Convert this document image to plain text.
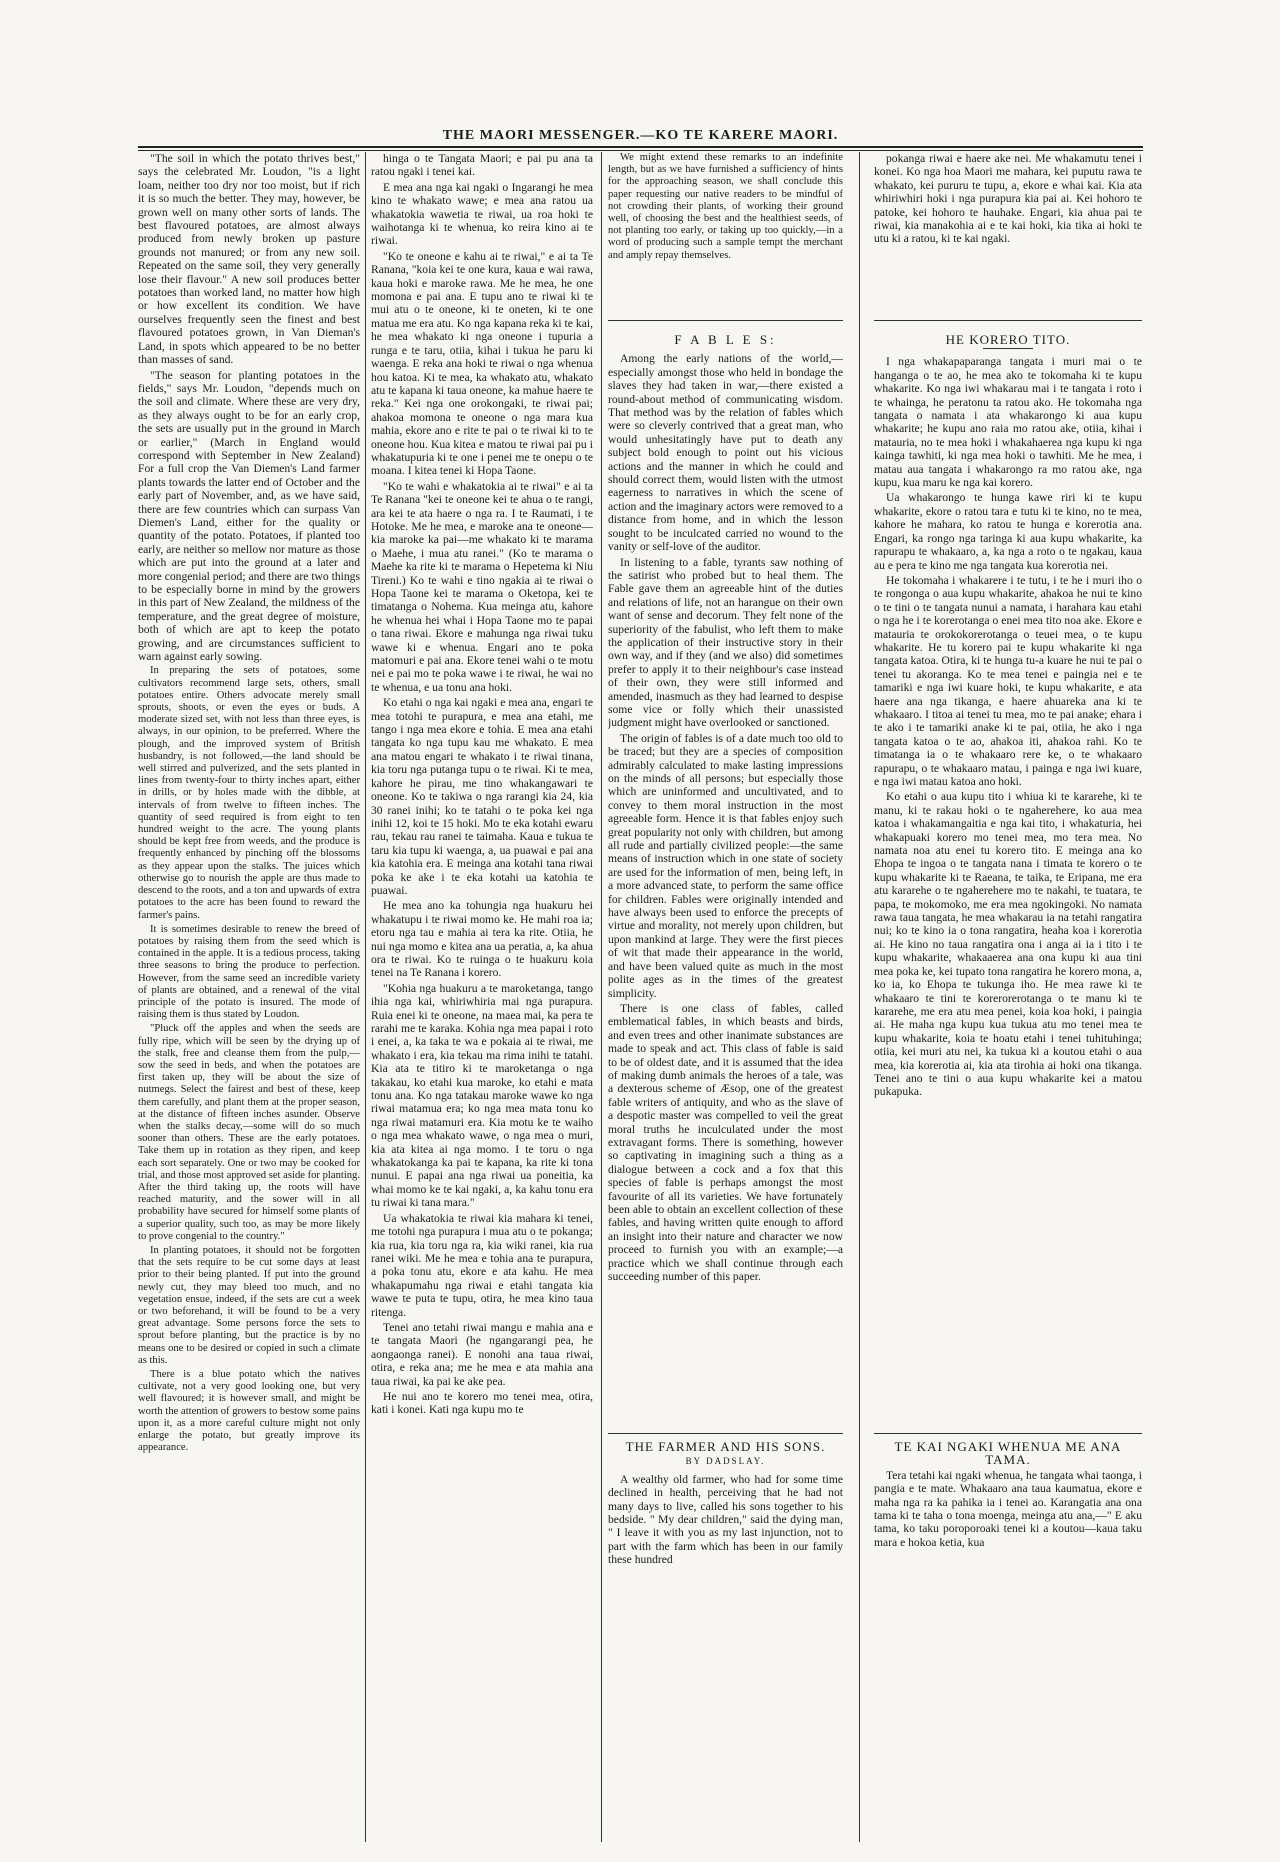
THE MAORI MESSENGER.—KO TE KARERE MAORI.

"The soil in which the potato thrives best," says the celebrated Mr. Loudon, "is a light loam, neither too dry nor too moist, but if rich it is so much the better. They may, however, be grown well on many other sorts of lands. The best flavoured potatoes, are almost always produced from newly broken up pasture grounds not manured; or from any new soil. Repeated on the same soil, they very generally lose their flavour." A new soil produces better potatoes than worked land, no matter how high or how excellent its condition. We have ourselves frequently seen the finest and best flavoured potatoes grown, in Van Dieman's Land, in spots which appeared to be no better than masses of sand.

"The season for planting potatoes in the fields," says Mr. Loudon, "depends much on the soil and climate. Where these are very dry, as they always ought to be for an early crop, the sets are usually put in the ground in March or earlier," (March in England would correspond with September in New Zealand) For a full crop the Van Diemen's Land farmer plants towards the latter end of October and the early part of November, and, as we have said, there are few countries which can surpass Van Diemen's Land, either for the quality or quantity of the potato. Potatoes, if planted too early, are neither so mellow nor mature as those which are put into the ground at a later and more congenial period; and there are two things to be especially borne in mind by the growers in this part of New Zealand, the mildness of the temperature, and the great degree of moisture, both of which are apt to keep the potato growing, and are circumstances sufficient to warn against early sowing.

In preparing the sets of potatoes, some cultivators recommend large sets, others, small potatoes entire. Others advocate merely small sprouts, shoots, or even the eyes or buds. A moderate sized set, with not less than three eyes, is always, in our opinion, to be preferred. Where the plough, and the improved system of British husbandry, is not followed,—the land should be well stirred and pulverized, and the sets planted in lines from twenty-four to thirty inches apart, either in drills, or by holes made with the dibble, at intervals of from twelve to fifteen inches. The quantity of seed required is from eight to ten hundred weight to the acre. The young plants should be kept free from weeds, and the produce is frequently enhanced by pinching off the blossoms as they appear upon the stalks. The juices which otherwise go to nourish the apple are thus made to descend to the roots, and a ton and upwards of extra potatoes to the acre has been found to reward the farmer's pains.

It is sometimes desirable to renew the breed of potatoes by raising them from the seed which is contained in the apple. It is a tedious process, taking three seasons to bring the produce to perfection. However, from the same seed an incredible variety of plants are obtained, and a renewal of the vital principle of the potato is insured. The mode of raising them is thus stated by Loudon.

"Pluck off the apples and when the seeds are fully ripe, which will be seen by the drying up of the stalk, free and cleanse them from the pulp,—sow the seed in beds, and when the potatoes are first taken up, they will be about the size of nutmegs. Select the fairest and best of these, keep them carefully, and plant them at the proper season, at the distance of fifteen inches asunder. Observe when the stalks decay,—some will do so much sooner than others. These are the early potatoes. Take them up in rotation as they ripen, and keep each sort separately. One or two may be cooked for trial, and those most approved set aside for planting. After the third taking up, the roots will have reached maturity, and the sower will in all probability have secured for himself some plants of a superior quality, such too, as may be more likely to prove congenial to the country."

In planting potatoes, it should not be forgotten that the sets require to be cut some days at least prior to their being planted. If put into the ground newly cut, they may bleed too much, and no vegetation ensue, indeed, if the sets are cut a week or two beforehand, it will be found to be a very great advantage. Some persons force the sets to sprout before planting, but the practice is by no means one to be desired or copied in such a climate as this.

There is a blue potato which the natives cultivate, not a very good looking one, but very well flavoured; it is however small, and might be worth the attention of growers to bestow some pains upon it, as a more careful culture might not only enlarge the potato, but greatly improve its appearance.

hinga o te Tangata Maori; e pai pu ana ta ratou ngaki i tenei kai.

E mea ana nga kai ngaki o Ingarangi he mea kino te whakato wawe; e mea ana ratou ua whakatokia wawetia te riwai, ua roa hoki te waihotanga ki te whenua, ko reira kino ai te riwai.

"Ko te oneone e kahu ai te riwai," e ai ta Te Ranana, "koia kei te one kura, kaua e wai rawa, kaua hoki e maroke rawa. Me he mea, he one momona e pai ana. E tupu ano te riwai ki te mui atu o te oneone, ki te oneten, ki te one matua me era atu. Ko nga kapana reka ki te kai, he mea whakato ki nga oneone i tupuria a runga e te taru, otiia, kihai i tukua he paru ki waenga. E reka ana hoki te riwai o nga whenua hou katoa. Ki te mea, ka whakato atu, whakato atu te kapana ki taua oneone, ka mahue haere te reka." Kei nga one orokongaki, te riwai pai; ahakoa momona te oneone o nga mara kua mahia, ekore ano e rite te pai o te riwai ki to te oneone hou. Kua kitea e matou te riwai pai pu i whakatupuria ki te one i penei me te onepu o te moana. I kitea tenei ki Hopa Taone.

"Ko te wahi e whakatokia ai te riwai" e ai ta Te Ranana "kei te oneone kei te ahua o te rangi, ara kei te ata haere o nga ra. I te Raumati, i te Hotoke. Me he mea, e maroke ana te oneone—kia maroke ka pai—me whakato ki te marama o Maehe, i mua atu ranei." (Ko te marama o Maehe ka rite ki te marama o Hepetema ki Niu Tireni.) Ko te wahi e tino ngakia ai te riwai o Hopa Taone kei te marama o Oketopa, kei te timatanga o Nohema. Kua meinga atu, kahore he whenua hei whai i Hopa Taone mo te papai o tana riwai. Ekore e mahunga nga riwai tuku wawe ki e whenua. Engari ano te poka matomuri e pai ana. Ekore tenei wahi o te motu nei e pai mo te poka wawe i te riwai, he wai no te whenua, e ua tonu ana hoki.

Ko etahi o nga kai ngaki e mea ana, engari te mea totohi te purapura, e mea ana etahi, me tango i nga mea ekore e tohia. E mea ana etahi tangata ko nga tupu kau me whakato. E mea ana matou engari te whakato i te riwai tinana, kia toru nga putanga tupu o te riwai. Ki te mea, kahore he pirau, me tino whakangawari te oneone. Ko te takiwa o nga rarangi kia 24, kia 30 ranei inihi; ko te tatahi o te poka kei nga inihi 12, koi te 15 hoki. Mo te eka kotahi ewaru rau, tekau rau ranei te taimaha. Kaua e tukua te taru kia tupu ki waenga, a, ua puawai e pai ana kia katohia era. E meinga ana kotahi tana riwai poka ke ake i te eka kotahi ua katohia te puawai.

He mea ano ka tohungia nga huakuru hei whakatupu i te riwai momo ke. He mahi roa ia; etoru nga tau e mahia ai tera ka rite. Otiia, he nui nga momo e kitea ana ua peratia, a, ka ahua ora te riwai. Ko te ruinga o te huakuru koia tenei na Te Ranana i korero.

"Kohia nga huakuru a te maroketanga, tango ihia nga kai, whiriwhiria mai nga purapura. Ruia enei ki te oneone, na maea mai, ka pera te rarahi me te karaka. Kohia nga mea papai i roto i enei, a, ka taka te wa e pokaia ai te riwai, me whakato i era, kia tekau ma rima inihi te tatahi. Kia ata te titiro ki te maroketanga o nga takakau, ko etahi kua maroke, ko etahi e mata tonu ana. Ko nga tatakau maroke wawe ko nga riwai matamua era; ko nga mea mata tonu ko nga riwai matamuri era. Kia motu ke te waiho o nga mea whakato wawe, o nga mea o muri, kia ata kitea ai nga momo. I te toru o nga whakatokanga ka pai te kapana, ka rite ki tona nunui. E papai ana nga riwai ua poneitia, ka whai momo ke te kai ngaki, a, ka kahu tonu era tu riwai ki tana mara."

Ua whakatokia te riwai kia mahara ki tenei, me totohi nga purapura i mua atu o te pokanga; kia rua, kia toru nga ra, kia wiki ranei, kia rua ranei wiki. Me he mea e tohia ana te purapura, a poka tonu atu, ekore e ata kahu. He mea whakapumahu nga riwai e etahi tangata kia wawe te puta te tupu, otira, he mea kino taua ritenga.

Tenei ano tetahi riwai mangu e mahia ana e te tangata Maori (he ngangarangi pea, he aongaonga ranei). E nonohi ana taua riwai, otira, e reka ana; me he mea e ata mahia ana taua riwai, ka pai ke ake pea.

He nui ano te korero mo tenei mea, otira, kati i konei. Kati nga kupu mo te

We might extend these remarks to an indefinite length, but as we have furnished a sufficiency of hints for the approaching season, we shall conclude this paper requesting our native readers to be mindful of not crowding their plants, of working their ground well, of choosing the best and the healthiest seeds, of not planting too early, or taking up too quickly,—in a word of producing such a sample tempt the merchant and amply repay themselves.

F A B L E S:

Among the early nations of the world,—especially amongst those who held in bondage the slaves they had taken in war,—there existed a round-about method of communicating wisdom. That method was by the relation of fables which were so cleverly contrived that a great man, who would unhesitatingly have put to death any subject bold enough to point out his vicious actions and the manner in which he could and should correct them, would listen with the utmost eagerness to narratives in which the scene of action and the imaginary actors were removed to a distance from home, and in which the lesson sought to be inculcated carried no wound to the vanity or self-love of the auditor.

In listening to a fable, tyrants saw nothing of the satirist who probed but to heal them. The Fable gave them an agreeable hint of the duties and relations of life, not an harangue on their own want of sense and decorum. They felt none of the superiority of the fabulist, who left them to make the application of their instructive story in their own way, and if they (and we also) did sometimes prefer to apply it to their neighbour's case instead of their own, they were still informed and amended, inasmuch as they had learned to despise some vice or folly which their unassisted judgment might have overlooked or sanctioned.

The origin of fables is of a date much too old to be traced; but they are a species of composition admirably calculated to make lasting impressions on the minds of all persons; but especially those which are uninformed and uncultivated, and to convey to them moral instruction in the most agreeable form. Hence it is that fables enjoy such great popularity not only with children, but among all rude and partially civilized people:—the same means of instruction which in one state of society are used for the information of men, being left, in a more advanced state, to perform the same office for children. Fables were originally intended and have always been used to enforce the precepts of virtue and morality, not merely upon children, but upon mankind at large. They were the first pieces of wit that made their appearance in the world, and have been valued quite as much in the most polite ages as in the times of the greatest simplicity.

There is one class of fables, called emblematical fables, in which beasts and birds, and even trees and other inanimate substances are made to speak and act. This class of fable is said to be of oldest date, and it is assumed that the idea of making dumb animals the heroes of a tale, was a dexterous scheme of Æsop, one of the greatest fable writers of antiquity, and who as the slave of a despotic master was compelled to veil the great moral truths he inculculated under the most extravagant forms. There is something, however so captivating in imagining such a thing as a dialogue between a cock and a fox that this species of fable is perhaps amongst the most favourite of all its varieties. We have fortunately been able to obtain an excellent collection of these fables, and having written quite enough to afford an insight into their nature and character we now proceed to furnish you with an example;—a practice which we shall continue through each succeeding number of this paper.

THE FARMER AND HIS SONS.
BY DADSLAY.

A wealthy old farmer, who had for some time declined in health, perceiving that he had not many days to live, called his sons together to his bedside. " My dear children," said the dying man, " I leave it with you as my last injunction, not to part with the farm which has been in our family these hundred

pokanga riwai e haere ake nei. Me whakamutu tenei i konei. Ko nga hoa Maori me mahara, kei puputu rawa te whakato, kei pururu te tupu, a, ekore e whai kai. Kia ata whiriwhiri hoki i nga purapura kia pai ai. Kei hohoro te patoke, kei hohoro te hauhake. Engari, kia ahua pai te riwai, kia manakohia ai e te kai hoki, kia tika ai hoki te utu ki a ratou, ki te kai ngaki.

HE KORERO TITO.

I nga whakapaparanga tangata i muri mai o te hanganga o te ao, he mea ako te tokomaha ki te kupu whakarite. Ko nga iwi whakarau mai i te tangata i roto i te whainga, he peratonu ta ratou ako. He tokomaha nga tangata o namata i ata whakarongo ki aua kupu whakarite; he kupu ano raia mo ratou ake, otiia, kihai i matauria, no te mea hoki i whakahaerea nga kupu ki nga kainga tawhiti, ki nga mea hoki o tawhiti. Me he mea, i matau aua tangata i whakarongo ra mo ratou ake, nga kupu, kua maru ke nga kai korero.

Ua whakarongo te hunga kawe riri ki te kupu whakarite, ekore o ratou tara e tutu ki te kino, no te mea, kahore he mahara, ko ratou te hunga e korerotia ana. Engari, ka rongo nga taringa ki aua kupu whakarite, ka rapurapu te whakaaro, a, ka nga a roto o te ngakau, kaua au e pera te kino me nga tangata kua korerotia nei.

He tokomaha i whakarere i te tutu, i te he i muri iho o te rongonga o aua kupu whakarite, ahakoa he nui te kino o te tini o te tangata nunui a namata, i harahara kau etahi o nga he i te korerotanga o enei mea tito noa ake. Ekore e matauria te orokokorerotanga o teuei mea, o te kupu whakarite. He tu korero pai te kupu whakarite ki nga tangata katoa. Otira, ki te hunga tu-a kuare he nui te pai o tenei tu akoranga. Ko te mea tenei e paingia nei e te tamariki e nga iwi kuare hoki, te kupu whakarite, e ata haere ana nga tikanga, e haere ahuareka ana ki te whakaaro. I titoa ai tenei tu mea, mo te pai anake; ehara i te ako i te tamariki anake ki te pai, otiia, he ako i nga tangata katoa o te ao, ahakoa iti, ahakoa rahi. Ko te timatanga ia o te whakaaro rere ke, o te whakaaro rapurapu, o te whakaaro matau, i painga e nga iwi kuare, e nga iwi matau katoa ano hoki.

Ko etahi o aua kupu tito i whiua ki te kararehe, ki te manu, ki te rakau hoki o te ngaherehere, ko aua mea katoa i whakamangaitia e nga kai tito, i whakaturia, hei whakapuaki korero mo tenei mea, mo tera mea. No namata noa atu enei tu korero tito. E meinga ana ko Ehopa te ingoa o te tangata nana i timata te korero o te kupu whakarite ki te Raeana, te taika, te Eripana, me era atu kararehe o te ngaherehere mo te nakahi, te tuatara, te papa, te mokomoko, me era mea ngokingoki. No namata rawa taua tangata, he mea whakarau ia na tetahi rangatira nui; ko te kino ia o tona rangatira, heaha koa i korerotia ai. He kino no taua rangatira ona i anga ai ia i tito i te kupu whakarite, whakaaerea ana ona kupu ki aua tini mea poka ke, kei tupato tona rangatira he korero mona, a, ko ia, ko Ehopa te tukunga iho. He mea rawe ki te whakaaro te tini te korerorerotanga o te manu ki te kararehe, me era atu mea penei, koia koa hoki, i paingia ai. He maha nga kupu kua tukua atu mo tenei mea te kupu whakarite, koia te hoatu etahi i tenei tuhituhinga; otiia, kei muri atu nei, ka tukua ki a koutou etahi o aua mea, kia korerotia ai, kia ata tirohia ai hoki ona tikanga. Tenei ano te tini o aua kupu whakarite kei a matou pukapuka.

TE KAI NGAKI WHENUA ME ANA TAMA.

Tera tetahi kai ngaki whenua, he tangata whai taonga, i pangia e te mate. Whakaaro ana taua kaumatua, ekore e maha nga ra ka pahika ia i tenei ao. Karangatia ana ona tama ki te taha o tona moenga, meinga atu ana,—" E aku tama, ko taku poroporoaki tenei ki a koutou—kaua taku mara e hokoa ketia, kua
